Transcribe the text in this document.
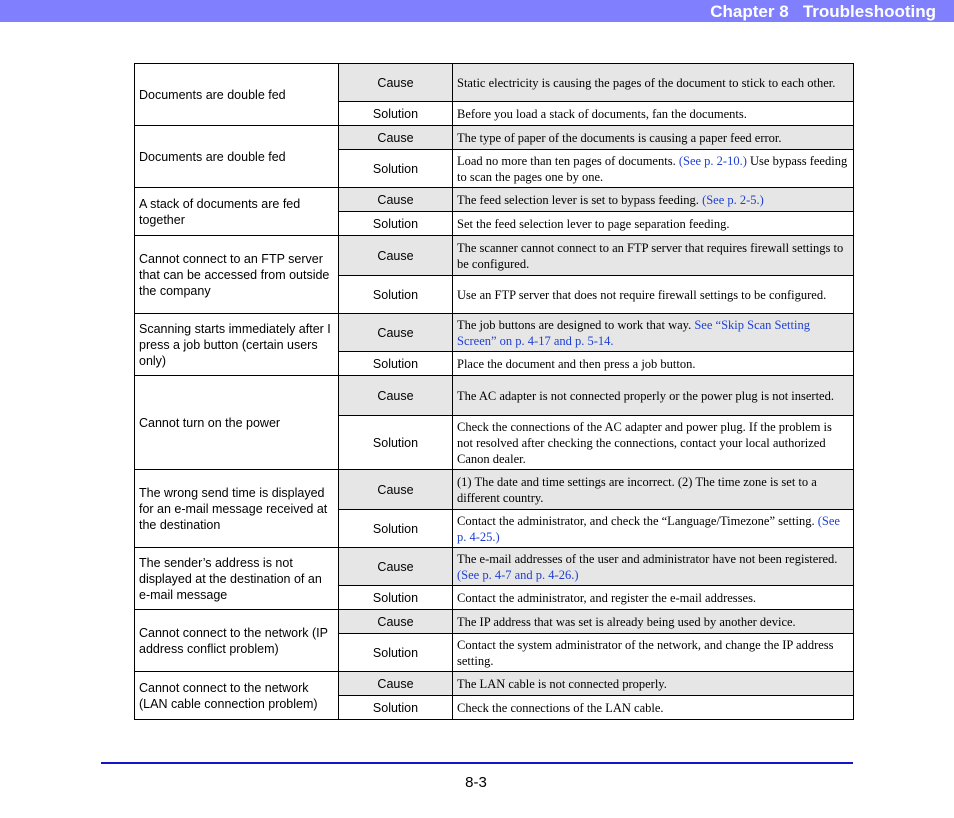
Chapter 8   Troubleshooting
Documents are double fed	Cause	Static electricity is causing the pages of the document to stick to each other.
	Solution	Before you load a stack of documents, fan the documents.
Documents are double fed	Cause	The type of paper of the documents is causing a paper feed error.
	Solution	Load no more than ten pages of documents. (See p. 2-10.) Use bypass feeding to scan the pages one by one.
A stack of documents are fed together	Cause	The feed selection lever is set to bypass feeding. (See p. 2-5.)
	Solution	Set the feed selection lever to page separation feeding.
Cannot connect to an FTP server that can be accessed from outside the company	Cause	The scanner cannot connect to an FTP server that requires firewall settings to be configured.
	Solution	Use an FTP server that does not require firewall settings to be configured.
Scanning starts immediately after I press a job button (certain users only)	Cause	The job buttons are designed to work that way. See “Skip Scan Setting Screen” on p. 4-17 and p. 5-14.
	Solution	Place the document and then press a job button.
Cannot turn on the power	Cause	The AC adapter is not connected properly or the power plug is not inserted.
	Solution	Check the connections of the AC adapter and power plug. If the problem is not resolved after checking the connections, contact your local authorized Canon dealer.
The wrong send time is displayed for an e-mail message received at the destination	Cause	(1) The date and time settings are incorrect. (2) The time zone is set to a different country.
	Solution	Contact the administrator, and check the “Language/Timezone” setting. (See p. 4-25.)
The sender’s address is not displayed at the destination of an e-mail message	Cause	The e-mail addresses of the user and administrator have not been registered. (See p. 4-7 and p. 4-26.)
	Solution	Contact the administrator, and register the e-mail addresses.
Cannot connect to the network (IP address conflict problem)	Cause	The IP address that was set is already being used by another device.
	Solution	Contact the system administrator of the network, and change the IP address setting.
Cannot connect to the network (LAN cable connection problem)	Cause	The LAN cable is not connected properly.
	Solution	Check the connections of the LAN cable.
8-3
